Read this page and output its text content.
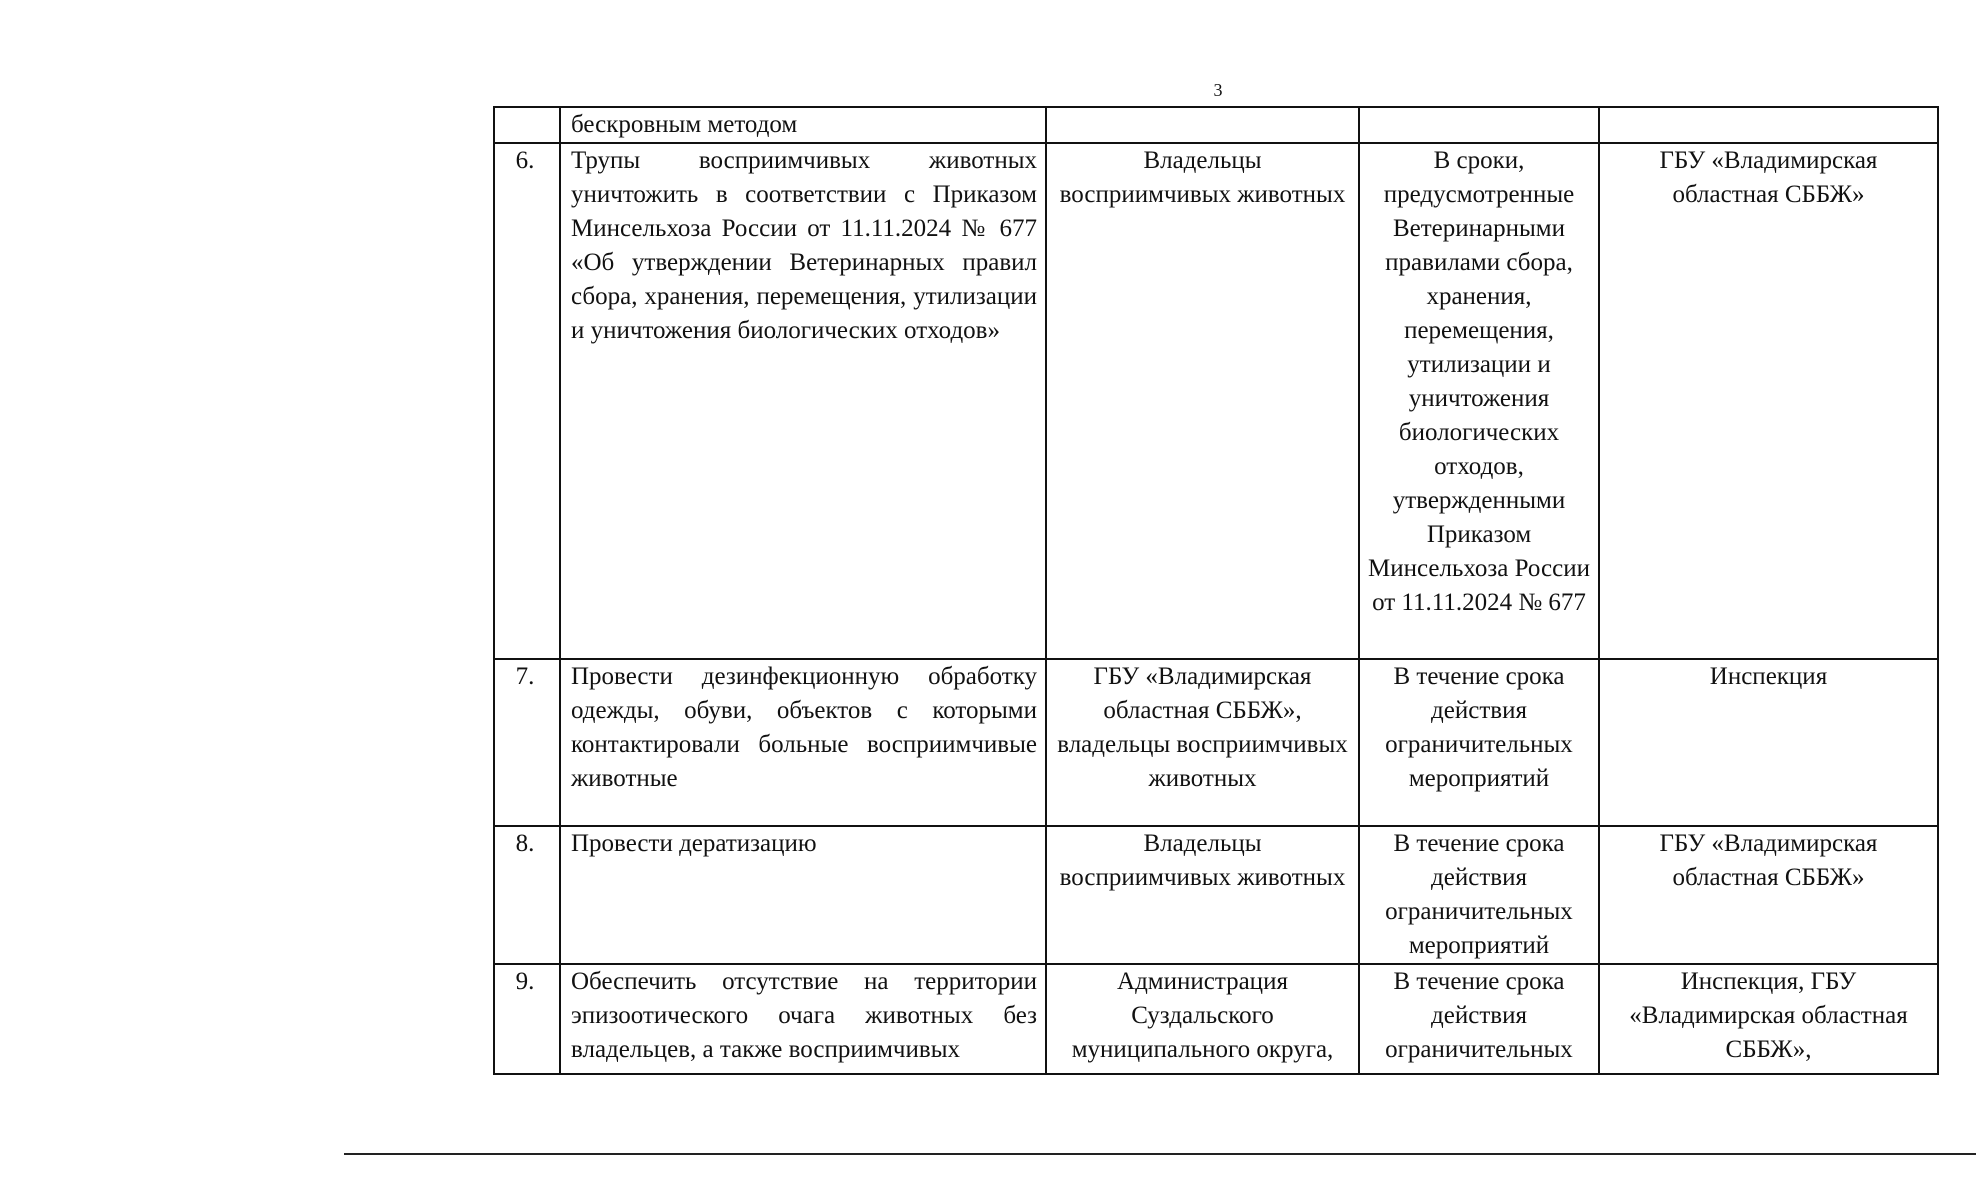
3
	бескровным методом			
6.	Трупы восприимчивых животных уничтожить в соответствии с Приказом Минсельхоза России от 11.11.2024 № 677 «Об утверждении Ветеринарных правил сбора, хранения, перемещения, утилизации и уничтожения биологических отходов»	Владельцы восприимчивых животных	В сроки, предусмотренные Ветеринарными правилами сбора, хранения, перемещения, утилизации и уничтожения биологических отходов, утвержденными Приказом Минсельхоза России от 11.11.2024 № 677	ГБУ «Владимирская областная СББЖ»
7.	Провести дезинфекционную обработку одежды, обуви, объектов с которыми контактировали больные восприимчивые животные	ГБУ «Владимирская областная СББЖ», владельцы восприимчивых животных	В течение срока действия ограничительных мероприятий	Инспекция
8.	Провести дератизацию	Владельцы восприимчивых животных	В течение срока действия ограничительных мероприятий	ГБУ «Владимирская областная СББЖ»
9.	Обеспечить отсутствие на территории эпизоотического очага животных без владельцев, а также восприимчивых	Администрация Суздальского муниципального округа,	В течение срока действия ограничительных	Инспекция, ГБУ «Владимирская областная СББЖ»,
